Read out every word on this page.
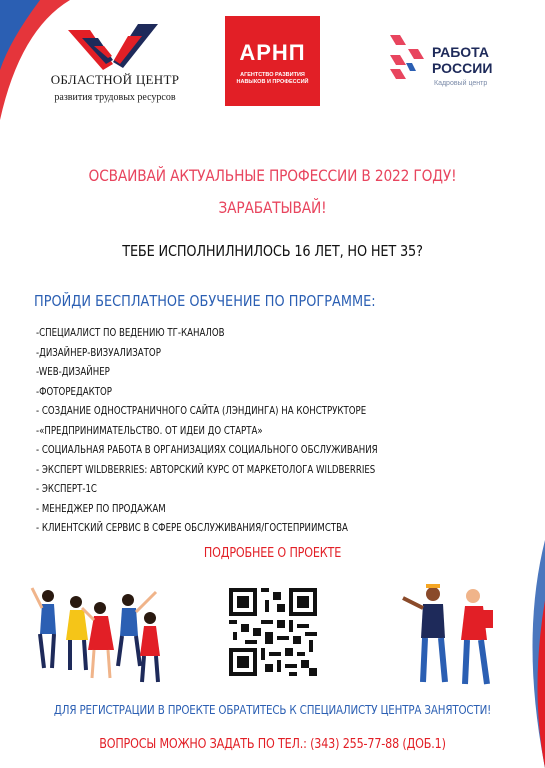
ОБЛАСТНОЙ ЦЕНТР
развития трудовых ресурсов
АРНП
АГЕНТСТВО РАЗВИТИЯ НАВЫКОВ И ПРОФЕССИЙ
РАБОТА РОССИИ
Кадровый центр
ОСВАИВАЙ АКТУАЛЬНЫЕ ПРОФЕССИИ В 2022 ГОДУ!
ЗАРАБАТЫВАЙ!
ТЕБЕ ИСПОЛНИЛНИЛОСЬ 16 ЛЕТ, НО НЕТ 35?
ПРОЙДИ БЕСПЛАТНОЕ ОБУЧЕНИЕ ПО ПРОГРАММЕ:
-СПЕЦИАЛИСТ ПО ВЕДЕНИЮ ТГ-КАНАЛОВ
-ДИЗАЙНЕР-ВИЗУАЛИЗАТОР
-WEB-ДИЗАЙНЕР
-ФОТОРЕДАКТОР
- СОЗДАНИЕ ОДНОСТРАНИЧНОГО САЙТА (ЛЭНДИНГА) НА КОНСТРУКТОРЕ
-«ПРЕДПРИНИМАТЕЛЬСТВО. ОТ ИДЕИ ДО СТАРТА»
- СОЦИАЛЬНАЯ РАБОТА В ОРГАНИЗАЦИЯХ СОЦИАЛЬНОГО ОБСЛУЖИВАНИЯ
- ЭКСПЕРТ WILDBERRIES: АВТОРСКИЙ КУРС ОТ МАРКЕТОЛОГА WILDBERRIES
- ЭКСПЕРТ-1С
- МЕНЕДЖЕР ПО ПРОДАЖАМ
- КЛИЕНТСКИЙ СЕРВИС В СФЕРЕ ОБСЛУЖИВАНИЯ/ГОСТЕПРИИМСТВА
ПОДРОБНЕЕ О ПРОЕКТЕ
ДЛЯ РЕГИСТРАЦИИ В ПРОЕКТЕ ОБРАТИТЕСЬ К СПЕЦИАЛИСТУ ЦЕНТРА ЗАНЯТОСТИ!
ВОПРОСЫ МОЖНО ЗАДАТЬ ПО ТЕЛ.: (343) 255-77-88 (ДОБ.1)
